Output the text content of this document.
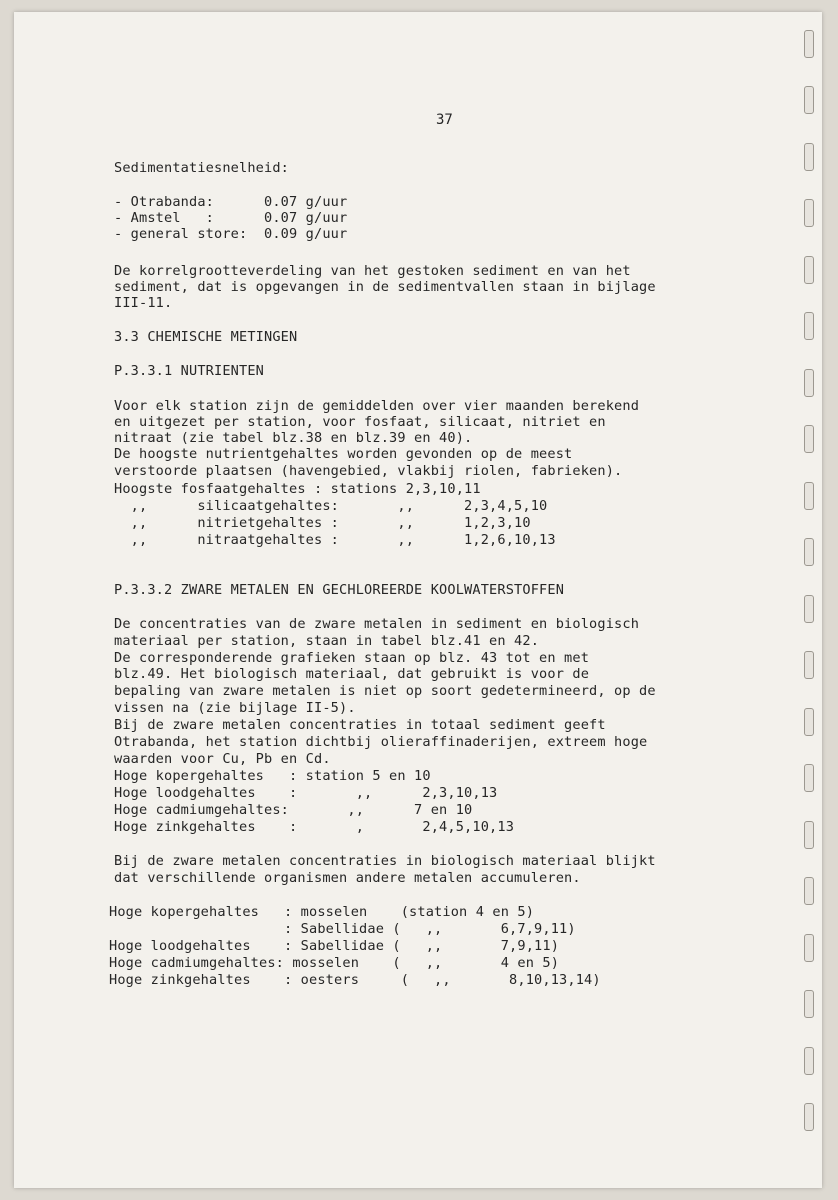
37
Sedimentatiesnelheid:
- Otrabanda:      0.07 g/uur
- Amstel   :      0.07 g/uur
- general store:  0.09 g/uur
De korrelgrootteverdeling van het gestoken sediment en van het
sediment, dat is opgevangen in de sedimentvallen staan in bijlage
III-11.
3.3 CHEMISCHE METINGEN
P.3.3.1 NUTRIENTEN
Voor elk station zijn de gemiddelden over vier maanden berekend
en uitgezet per station, voor fosfaat, silicaat, nitriet en
nitraat (zie tabel blz.38 en blz.39 en 40).
De hoogste nutrientgehaltes worden gevonden op de meest
verstoorde plaatsen (havengebied, vlakbij riolen, fabrieken).
Hoogste fosfaatgehaltes : stations 2,3,10,11
,,      silicaatgehaltes:       ,,      2,3,4,5,10
,,      nitrietgehaltes :       ,,      1,2,3,10
,,      nitraatgehaltes :       ,,      1,2,6,10,13
P.3.3.2 ZWARE METALEN EN GECHLOREERDE KOOLWATERSTOFFEN
De concentraties van de zware metalen in sediment en biologisch
materiaal per station, staan in tabel blz.41 en 42.
De corresponderende grafieken staan op blz. 43 tot en met
blz.49. Het biologisch materiaal, dat gebruikt is voor de
bepaling van zware metalen is niet op soort gedetermineerd, op de
vissen na (zie bijlage II-5).
Bij de zware metalen concentraties in totaal sediment geeft
Otrabanda, het station dichtbij olieraffinaderijen, extreem hoge
waarden voor Cu, Pb en Cd.
Hoge kopergehaltes   : station 5 en 10
Hoge loodgehaltes    :       ,,      2,3,10,13
Hoge cadmiumgehaltes:       ,,      7 en 10
Hoge zinkgehaltes    :       ,       2,4,5,10,13
Bij de zware metalen concentraties in biologisch materiaal blijkt
dat verschillende organismen andere metalen accumuleren.
Hoge kopergehaltes   : mosselen    (station 4 en 5)
: Sabellidae (   ,,       6,7,9,11)
Hoge loodgehaltes    : Sabellidae (   ,,       7,9,11)
Hoge cadmiumgehaltes: mosselen    (   ,,       4 en 5)
Hoge zinkgehaltes    : oesters     (   ,,       8,10,13,14)
